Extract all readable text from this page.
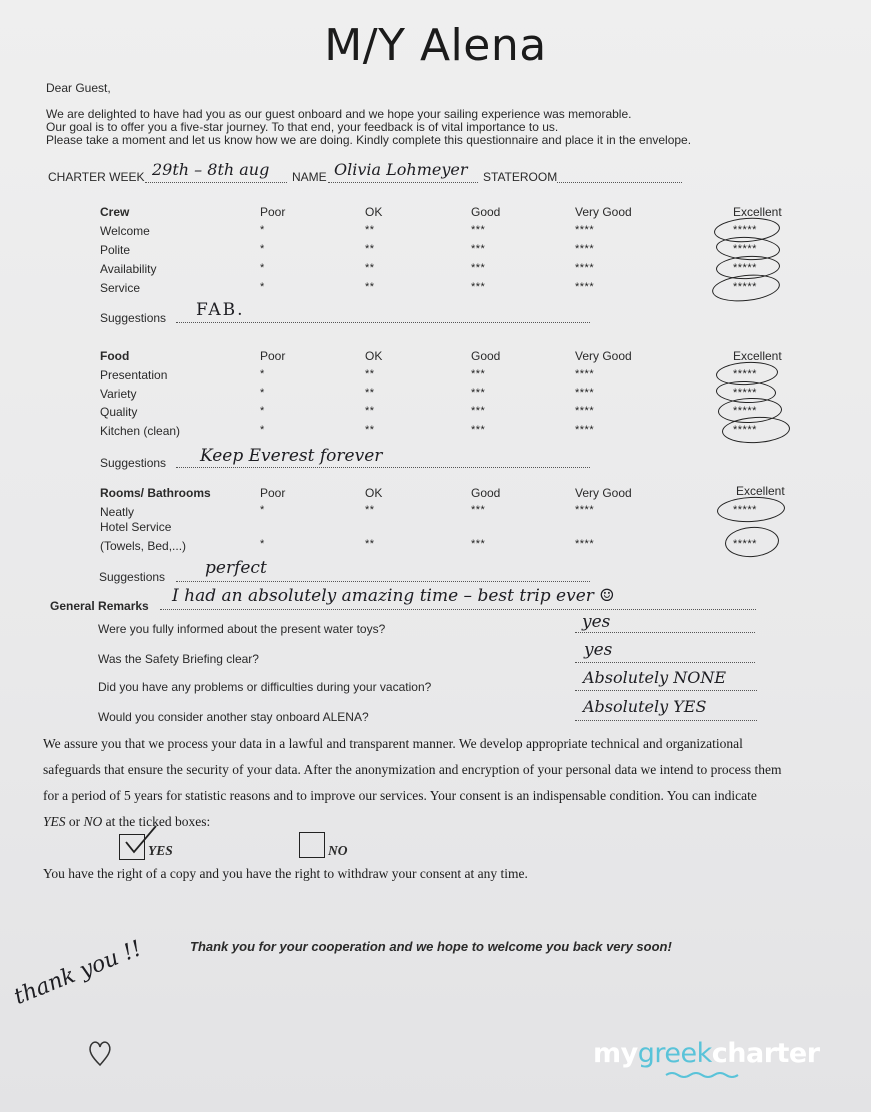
M/Y Alena
Dear Guest,
We are delighted to have had you as our guest onboard and we hope your sailing experience was memorable.
Our goal is to offer you a five-star journey. To that end, your feedback is of vital importance to us.
Please take a moment and let us know how we are doing. Kindly complete this questionnaire and place it in the envelope.
CHARTER WEEK 29th – 8th aug NAME Olivia Lohmeyer STATEROOM
Crew	Poor	OK	Good	Very Good	Excellent
Welcome	*	**	***	****	*****
Polite	*	**	***	****	*****
Availability	*	**	***	****	*****
Service	*	**	***	****	*****
Suggestions FAB.
Food	Poor	OK	Good	Very Good	Excellent
Presentation	*	**	***	****	*****
Variety	*	**	***	****	*****
Quality	*	**	***	****	*****
Kitchen (clean)	*	**	***	****	*****
Suggestions Keep Everest forever
Rooms/ Bathrooms	Poor	OK	Good	Very Good	Excellent
Neatly	*	**	***	****	*****
Hotel Service
(Towels, Bed,...)	*	**	***	****	*****
Suggestions perfect
General Remarks I had an absolutely amazing time – best trip ever ☺
Were you fully informed about the present water toys?	yes
Was the Safety Briefing clear?	yes
Did you have any problems or difficulties during your vacation?	Absolutely NONE
Would you consider another stay onboard ALENA?
Absolutely YES
We assure you that we process your data in a lawful and transparent manner. We develop appropriate technical and organizational
safeguards that ensure the security of your data. After the anonymization and encryption of your personal data we intend to process them
for a period of 5 years for statistic reasons and to improve our services. Your consent is an indispensable condition. You can indicate
YES or NO at the ticked boxes:
YES	NO
You have the right of a copy and you have the right to withdraw your consent at any time.
Thank you for your cooperation and we hope to welcome you back very soon!
thank you !!
mygreekcharter
